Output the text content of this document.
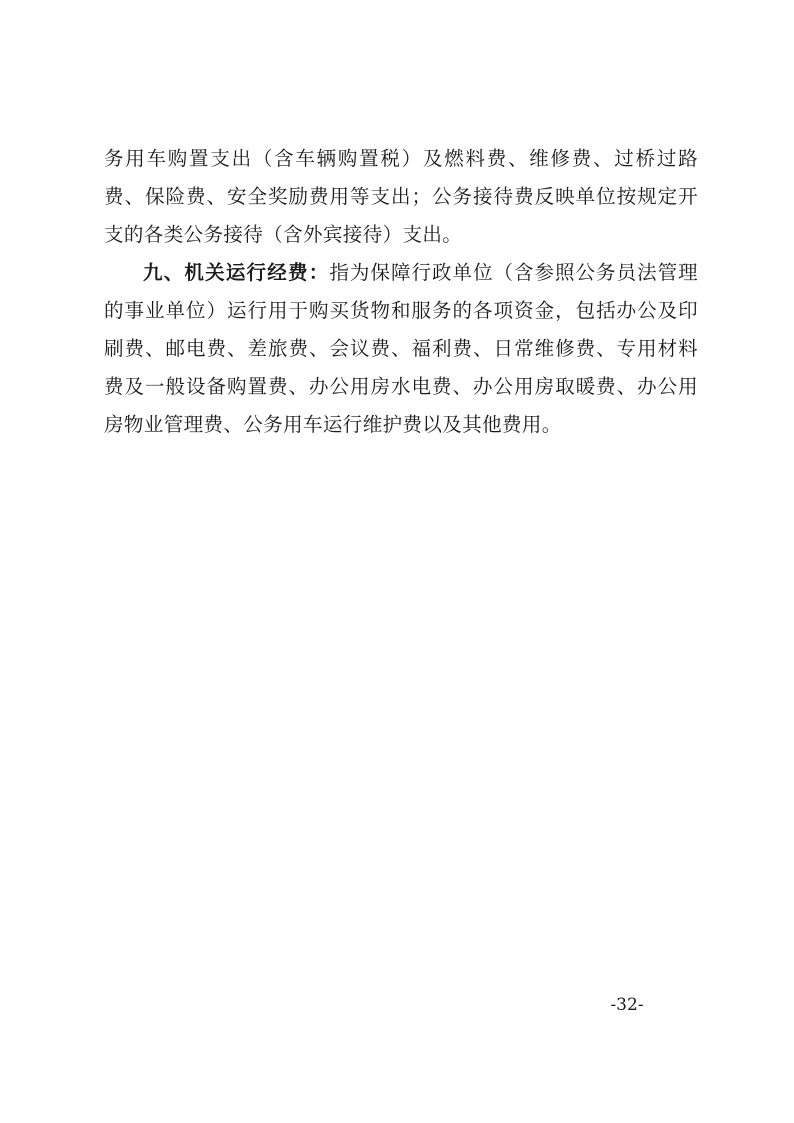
务用车购置支出（含车辆购置税）及燃料费、维修费、过桥过路费、保险费、安全奖励费用等支出；公务接待费反映单位按规定开支的各类公务接待（含外宾接待）支出。

九、机关运行经费：指为保障行政单位（含参照公务员法管理的事业单位）运行用于购买货物和服务的各项资金，包括办公及印刷费、邮电费、差旅费、会议费、福利费、日常维修费、专用材料费及一般设备购置费、办公用房水电费、办公用房取暖费、办公用房物业管理费、公务用车运行维护费以及其他费用。

-32-
